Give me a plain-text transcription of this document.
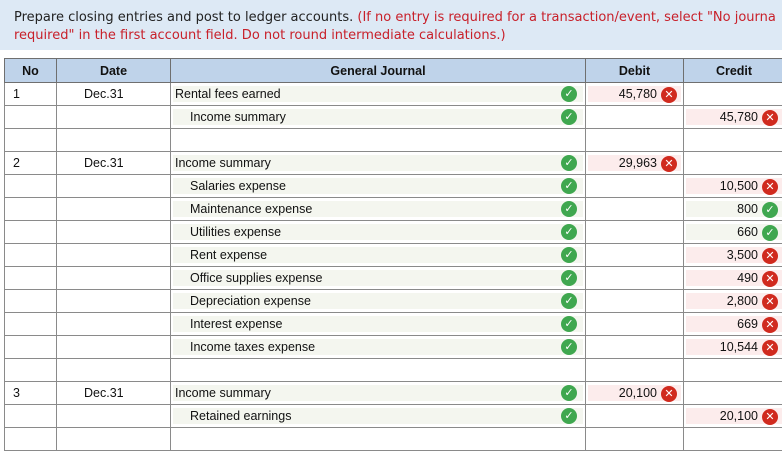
Prepare closing entries and post to ledger accounts. (If no entry is required for a transaction/event, select "No journa
required" in the first account field. Do not round intermediate calculations.)
No	Date	General Journal	Debit	Credit
1	Dec.31	Rental fees earned ✓	45,780 ✕	

		Income summary ✓		45,780 ✕

2	Dec.31	Income summary ✓	29,963 ✕	

		Salaries expense ✓		10,500 ✕

		Maintenance expense ✓		800 ✓

		Utilities expense ✓		660 ✓

		Rent expense ✓		3,500 ✕

		Office supplies expense ✓		490 ✕

		Depreciation expense ✓		2,800 ✕

		Interest expense ✓		669 ✕

		Income taxes expense ✓		10,544 ✕

3	Dec.31	Income summary ✓	20,100 ✕	

		Retained earnings ✓		20,100 ✕
